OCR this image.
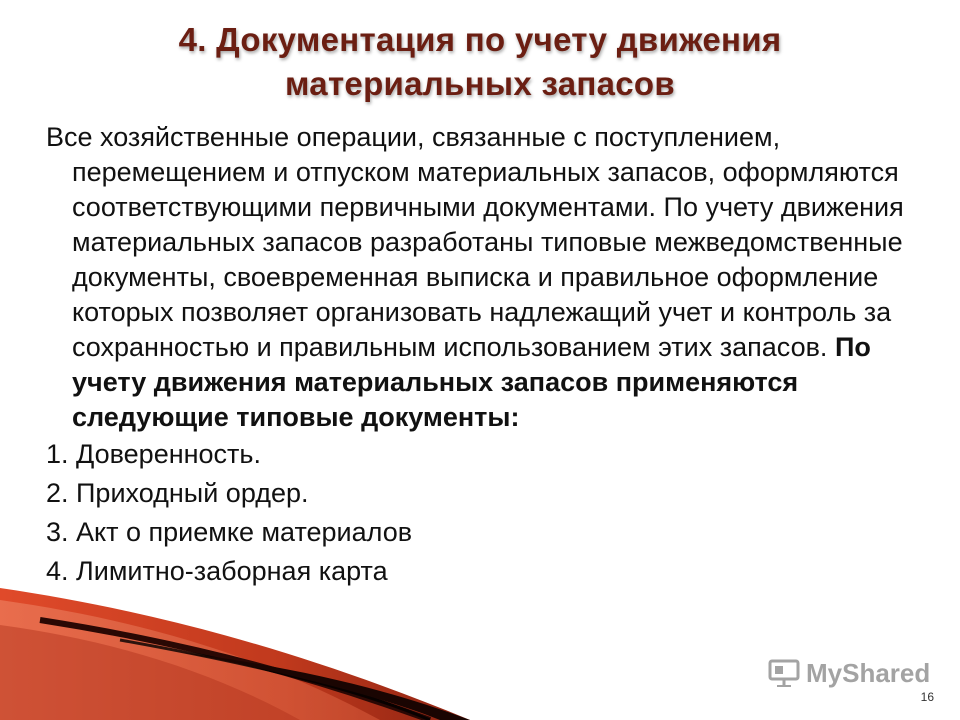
4. Документация по учету движения
материальных запасов

Все хозяйственные операции, связанные с поступлением, перемещением и отпуском материальных запасов, оформляются соответствующими первичными документами. По учету движения материальных запасов разработаны типовые межведомственные документы, своевременная выписка и правильное оформление которых позволяет организовать надлежащий учет и контроль за сохранностью и правильным использованием этих запасов. По учету движения материальных запасов применяются следующие типовые документы:

1. Доверенность.

2. Приходный ордер.

3. Акт о приемке материалов

4. Лимитно-заборная карта

MyShared
16
